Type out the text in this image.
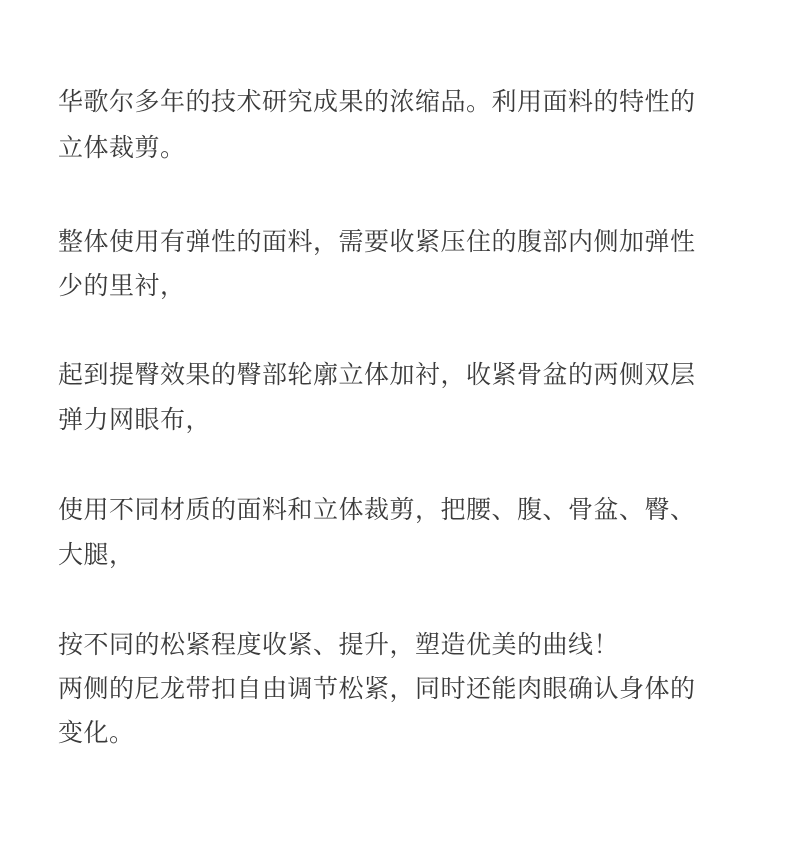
华歌尔多年的技术研究成果的浓缩品。利用面料的特性的
立体裁剪。
整体使用有弹性的面料，需要收紧压住的腹部内侧加弹性
少的里衬，
起到提臀效果的臀部轮廓立体加衬，收紧骨盆的两侧双层
弹力网眼布，
使用不同材质的面料和立体裁剪，把腰、腹、骨盆、臀、
大腿，
按不同的松紧程度收紧、提升，塑造优美的曲线！
两侧的尼龙带扣自由调节松紧，同时还能肉眼确认身体的
变化。
